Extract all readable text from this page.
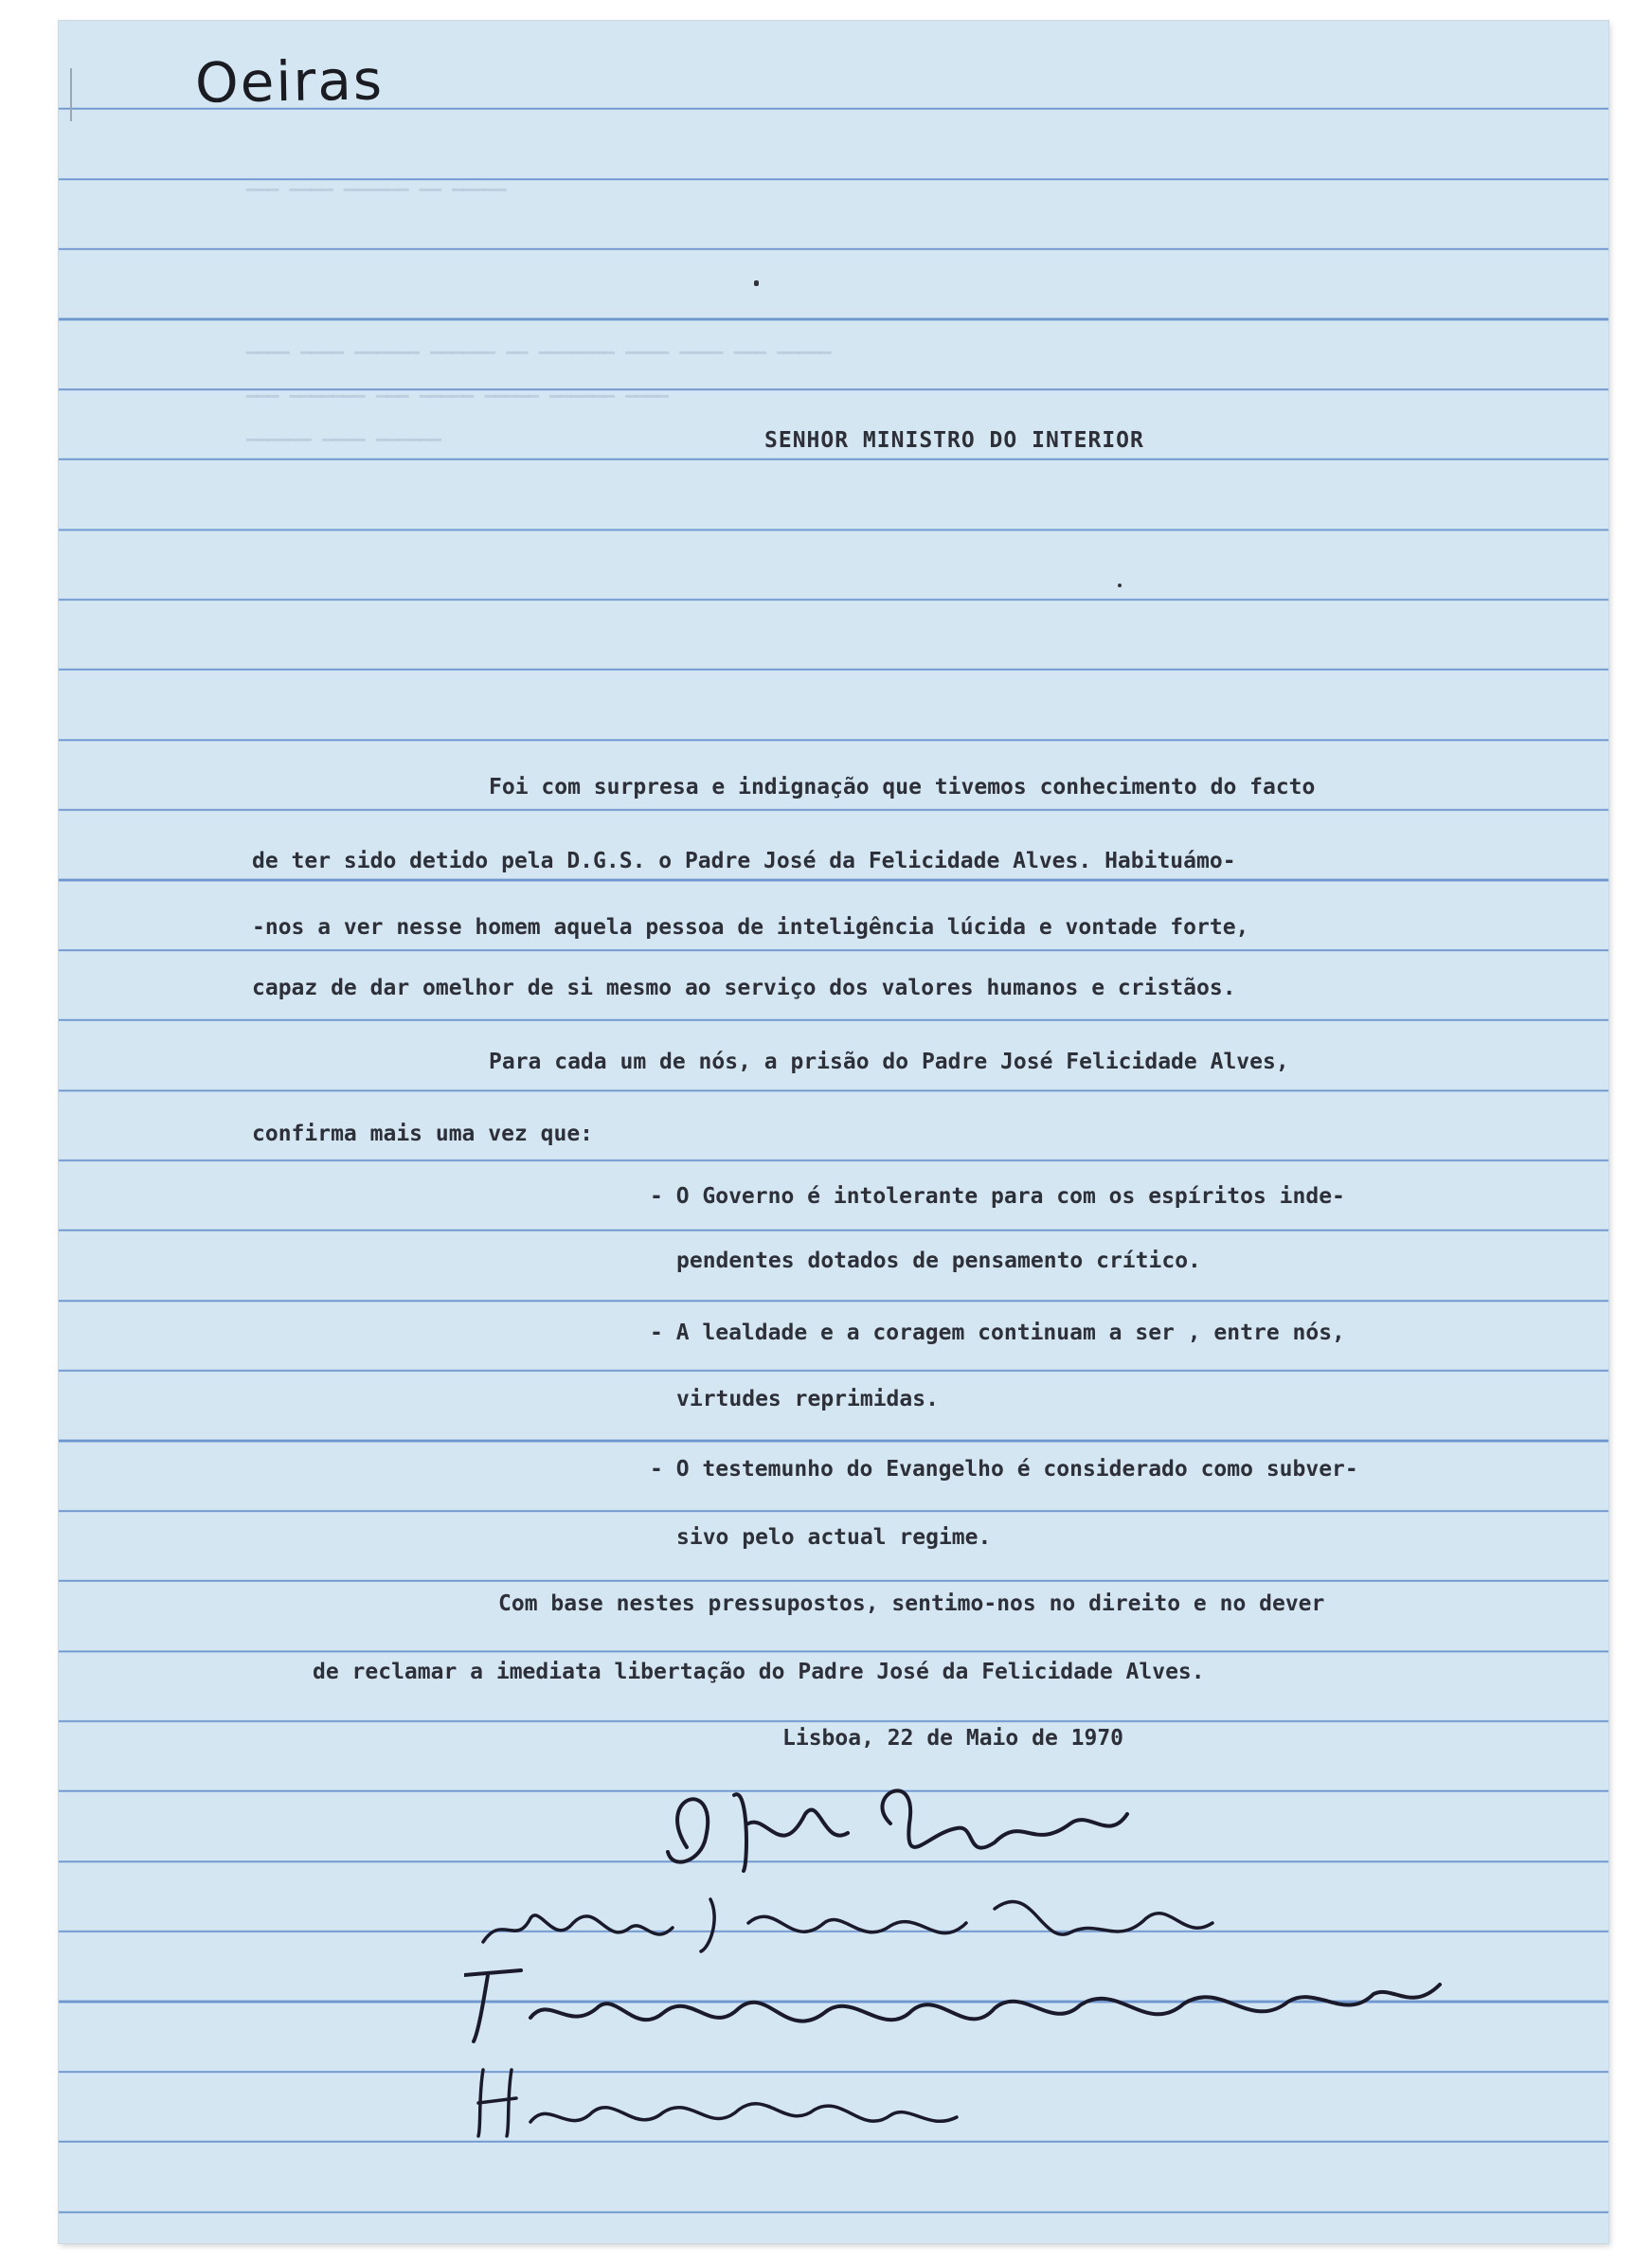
Oeiras
▁▁▁ ▁▁▁▁ ▁▁▁▁▁▁ ▁▁ ▁▁▁▁▁
▁▁▁▁ ▁▁▁▁ ▁▁▁▁▁▁ ▁▁▁▁▁▁ ▁▁ ▁▁▁▁▁▁▁ ▁▁▁▁ ▁▁▁▁ ▁▁▁ ▁▁▁▁▁
▁▁▁ ▁▁▁▁▁▁▁ ▁▁▁ ▁▁▁▁▁ ▁▁▁▁▁ ▁▁▁▁▁▁ ▁▁▁▁
▁▁▁▁▁▁ ▁▁▁▁ ▁▁▁▁▁▁	SENHOR MINISTRO DO INTERIOR
Foi com surpresa e indignação que tivemos conhecimento do facto
de ter sido detido pela D.G.S. o Padre José da Felicidade Alves. Habituámo-
-nos a ver nesse homem aquela pessoa de inteligência lúcida e vontade forte,
capaz de dar omelhor de si mesmo ao serviço dos valores humanos e cristãos.
Para cada um de nós, a prisão do Padre José Felicidade Alves,
confirma mais uma vez que:
- O Governo é intolerante para com os espíritos inde-
pendentes dotados de pensamento crítico.
- A lealdade e a coragem continuam a ser , entre nós,
virtudes reprimidas.
- O testemunho do Evangelho é considerado como subver-
sivo pelo actual regime.
Com base nestes pressupostos, sentimo-nos no direito e no dever
de reclamar a imediata libertação do Padre José da Felicidade Alves.
Lisboa, 22 de Maio de 1970
Diogo Duarte
Maria Isabel Duarte
Fernando António dos Santos Carvalho Lima
Hamilton Lima
